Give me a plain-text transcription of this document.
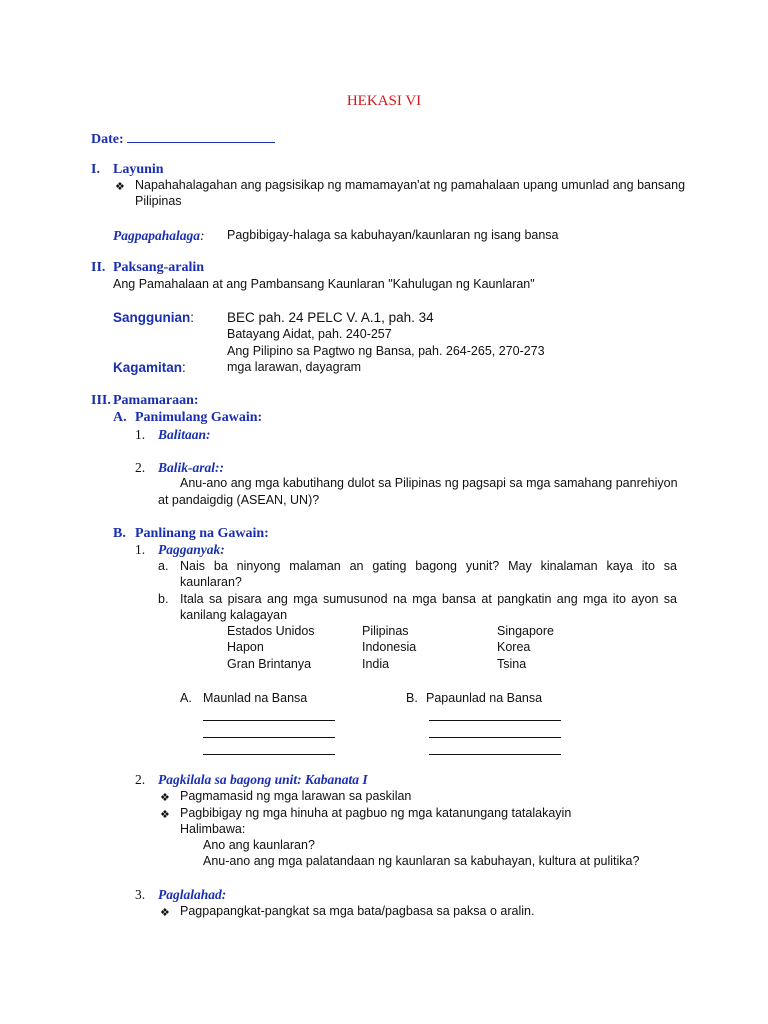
HEKASI VI
Date:
I. Layunin
❖ Napahahalagahan ang pagsisikap ng mamamayan'at ng pamahalaan upang umunlad ang bansang
Pilipinas
Pagpapahalaga: Pagbibigay-halaga sa kabuhayan/kaunlaran ng isang bansa
II. Paksang-aralin
Ang Pamahalaan at ang Pambansang Kaunlaran "Kahulugan ng Kaunlaran"
Sanggunian: BEC pah. 24 PELC V. A.1, pah. 34
Batayang Aidat, pah. 240-257
Ang Pilipino sa Pagtwo ng Bansa, pah. 264-265, 270-273
Kagamitan:	mga larawan, dayagram
III. Pamamaraan:
A. Panimulang Gawain:
1. Balitaan:
2. Balik-aral::
Anu-ano ang mga kabutihang dulot sa Pilipinas ng pagsapi sa mga samahang panrehiyon
at pandaigdig (ASEAN, UN)?
B. Panlinang na Gawain:
1. Pagganyak:
a. Nais ba ninyong malaman an gating bagong yunit? May kinalaman kaya ito sa
kaunlaran?
b. Itala sa pisara ang mga sumusunod na mga bansa at pangkatin ang mga ito ayon sa
kanilang kalagayan
Estados Unidos	Pilipinas	Singapore
Hapon	Indonesia	Korea
Gran Brintanya	India	Tsina
A. Maunlad na Bansa	B. Papaunlad na Bansa
2. Pagkilala sa bagong unit: Kabanata I
❖ Pagmamasid ng mga larawan sa paskilan
❖ Pagbibigay ng mga hinuha at pagbuo ng mga katanungang tatalakayin
Halimbawa:
Ano ang kaunlaran?
Anu-ano ang mga palatandaan ng kaunlaran sa kabuhayan, kultura at pulitika?
3. Paglalahad:
❖ Pagpapangkat-pangkat sa mga bata/pagbasa sa paksa o aralin.
